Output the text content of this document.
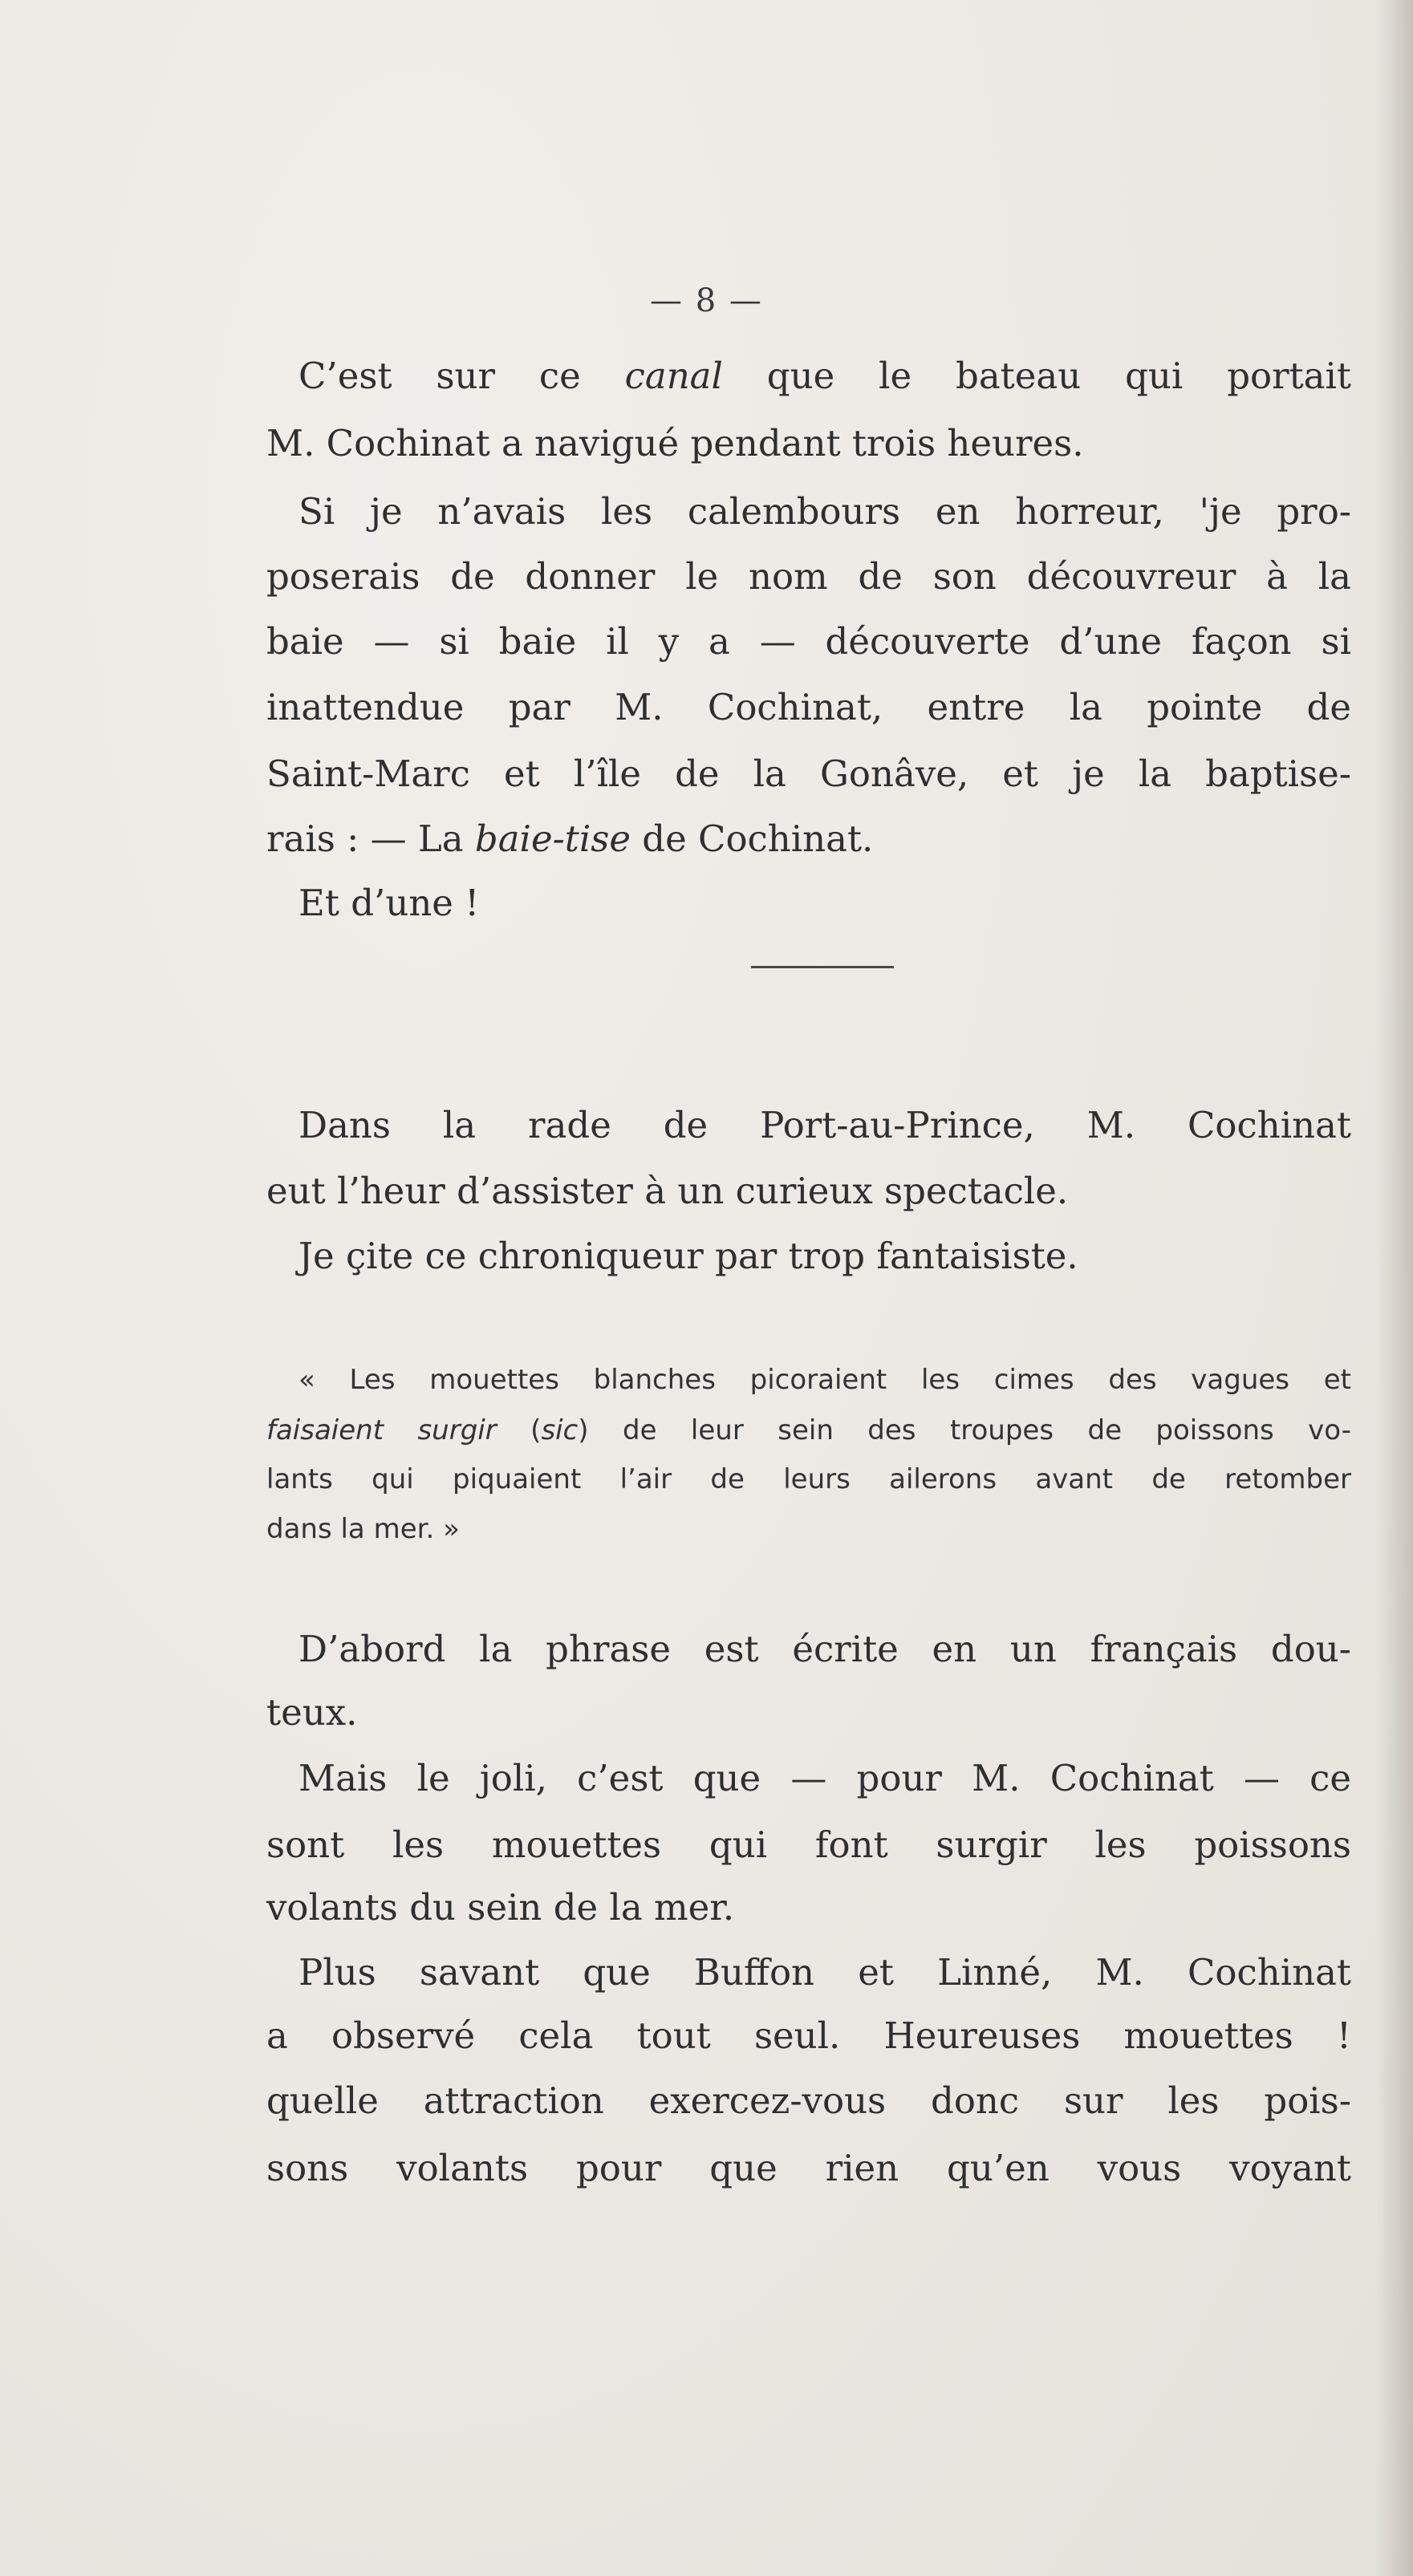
— 8 —
C’est sur ce canal que le bateau qui portait
M. Cochinat a navigué pendant trois heures.
Si je n’avais les calembours en horreur, 'je pro-
poserais de donner le nom de son découvreur à la
baie — si baie il y a — découverte d’une façon si
inattendue par M. Cochinat, entre la pointe de
Saint-Marc et l’île de la Gonâve, et je la baptise-
rais : — La baie-tise de Cochinat.
Et d’une !
Dans la rade de Port-au-Prince, M. Cochinat
eut l’heur d’assister à un curieux spectacle.
Je çite ce chroniqueur par trop fantaisiste.
« Les mouettes blanches picoraient les cimes des vagues et
faisaient surgir (sic) de leur sein des troupes de poissons vo-
lants qui piquaient l’air de leurs ailerons avant de retomber
dans la mer. »
D’abord la phrase est écrite en un français dou-
teux.
Mais le joli, c’est que — pour M. Cochinat — ce
sont les mouettes qui font surgir les poissons
volants du sein de la mer.
Plus savant que Buffon et Linné, M. Cochinat
a observé cela tout seul. Heureuses mouettes !
quelle attraction exercez-vous donc sur les pois-
sons volants pour que rien qu’en vous voyant
